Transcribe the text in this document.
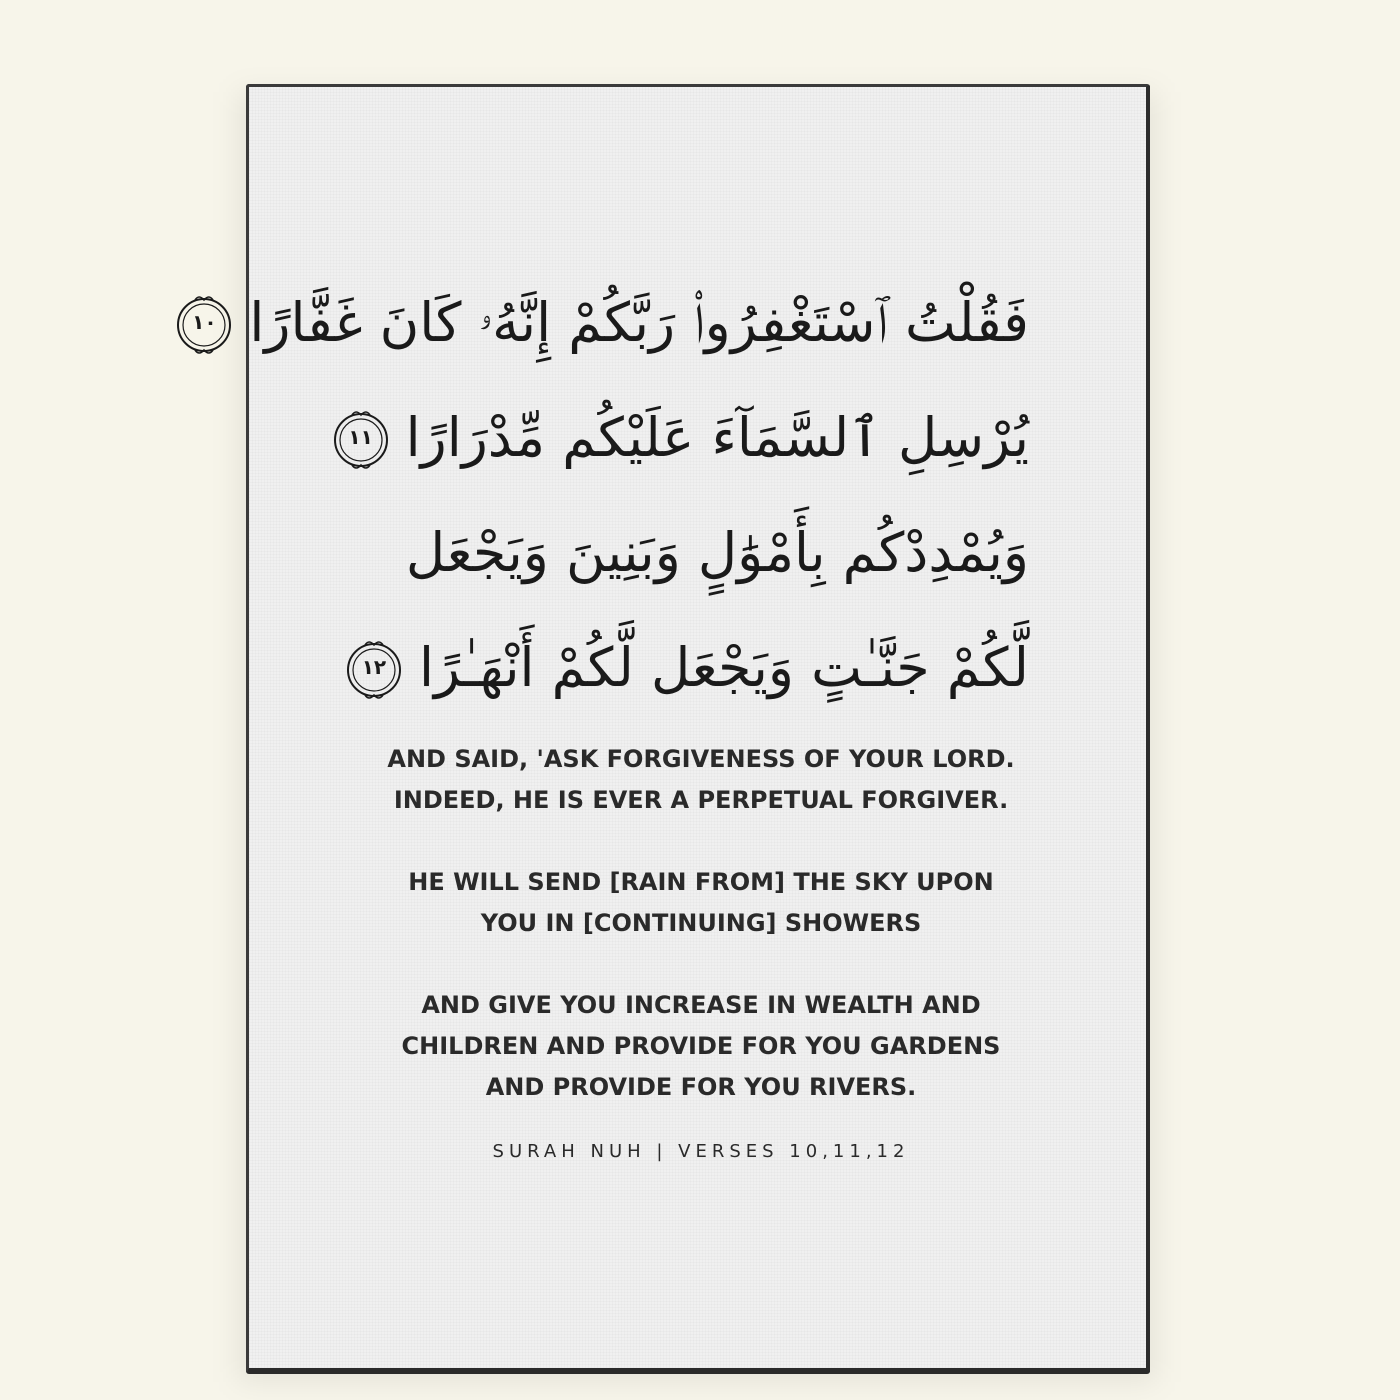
فَقُلْتُ ٱسْتَغْفِرُوا۟ رَبَّكُمْ إِنَّهُۥ كَانَ غَفَّارًا
١٠
يُرْسِلِ ٱلسَّمَآءَ عَلَيْكُم مِّدْرَارًا
١١
وَيُمْدِدْكُم بِأَمْوَٰلٍ وَبَنِينَ وَيَجْعَل
لَّكُمْ جَنَّـٰتٍ وَيَجْعَل لَّكُمْ أَنْهَـٰرًا
١٢
AND SAID, 'ASK FORGIVENESS OF YOUR LORD.
INDEED, HE IS EVER A PERPETUAL FORGIVER.
HE WILL SEND [RAIN FROM] THE SKY UPON
YOU IN [CONTINUING] SHOWERS
AND GIVE YOU INCREASE IN WEALTH AND
CHILDREN AND PROVIDE FOR YOU GARDENS
AND PROVIDE FOR YOU RIVERS.
SURAH NUH | VERSES 10,11,12
